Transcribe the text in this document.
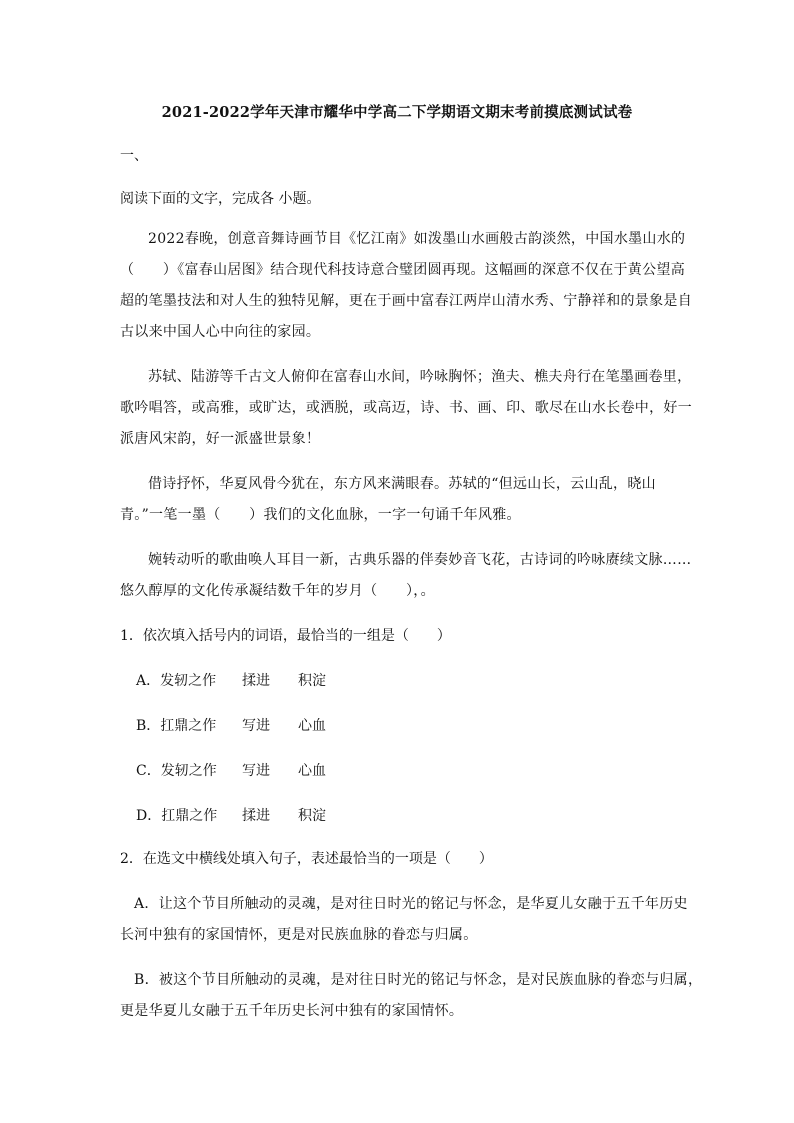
2021-2022学年天津市耀华中学高二下学期语文期末考前摸底测试试卷
一、
阅读下面的文字，完成各 小题。
2022春晚，创意音舞诗画节目《忆江南》如泼墨山水画般古韵淡然，中国水墨山水的
（　　）《富春山居图》结合现代科技诗意合璧团圆再现。这幅画的深意不仅在于黄公望高
超的笔墨技法和对人生的独特见解，更在于画中富春江两岸山清水秀、宁静祥和的景象是自
古以来中国人心中向往的家园。
苏轼、陆游等千古文人俯仰在富春山水间，吟咏胸怀；渔夫、樵夫舟行在笔墨画卷里，
歌吟唱答，或高雅，或旷达，或洒脱，或高迈，诗、书、画、印、歌尽在山水长卷中，好一
派唐风宋韵，好一派盛世景象！
借诗抒怀，华夏风骨今犹在，东方风来满眼春。苏轼的“但远山长，云山乱，晓山
青。”一笔一墨（　　）我们的文化血脉，一字一句诵千年风雅。
婉转动听的歌曲唤人耳目一新，古典乐器的伴奏妙音飞花，古诗词的吟咏赓续文脉……
悠久醇厚的文化传承凝结数千年的岁月（　　），。
1．依次填入括号内的词语，最恰当的一组是（　　）
A．发轫之作 揉进 积淀
B．扛鼎之作 写进 心血
C．发轫之作 写进 心血
D．扛鼎之作 揉进 积淀
2．在选文中横线处填入句子，表述最恰当的一项是（　　）
A．让这个节目所触动的灵魂，是对往日时光的铭记与怀念，是华夏儿女融于五千年历史
长河中独有的家国情怀，更是对民族血脉的眷恋与归属。
B．被这个节目所触动的灵魂，是对往日时光的铭记与怀念，是对民族血脉的眷恋与归属，
更是华夏儿女融于五千年历史长河中独有的家国情怀。
